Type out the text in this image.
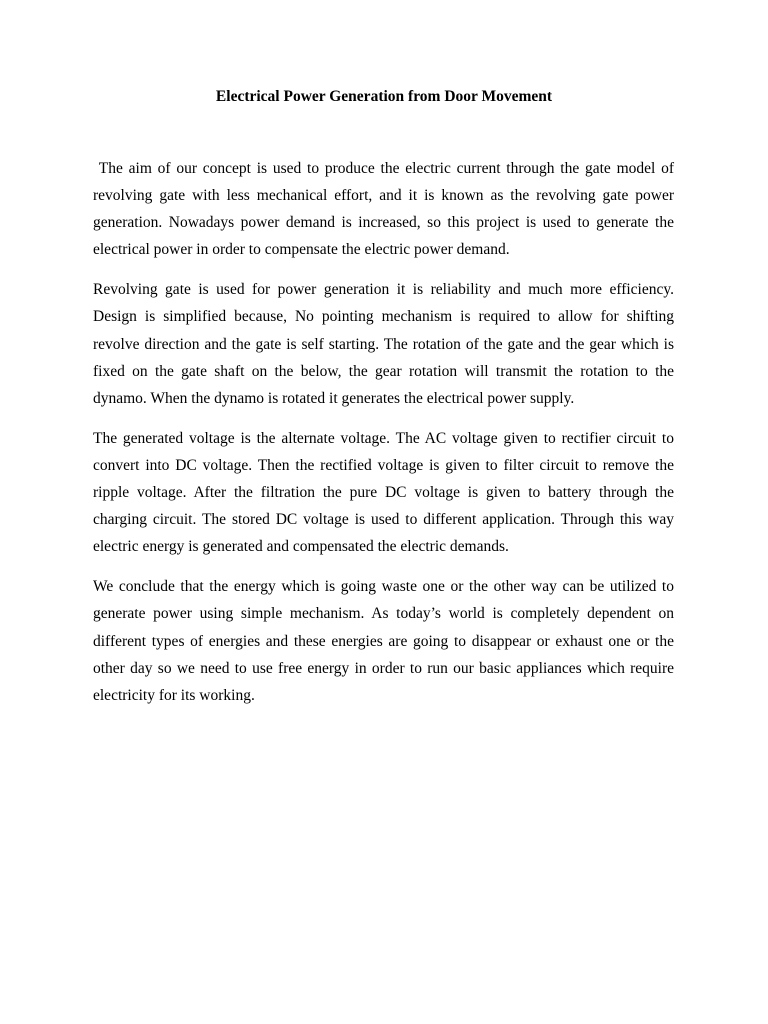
Electrical Power Generation from Door Movement

The aim of our concept is used to produce the electric current through the gate model of revolving gate with less mechanical effort, and it is known as the revolving gate power generation. Nowadays power demand is increased, so this project is used to generate the electrical power in order to compensate the electric power demand.

Revolving gate is used for power generation it is reliability and much more efficiency. Design is simplified because, No pointing mechanism is required to allow for shifting revolve direction and the gate is self starting. The rotation of the gate and the gear which is fixed on the gate shaft on the below, the gear rotation will transmit the rotation to the dynamo. When the dynamo is rotated it generates the electrical power supply.

The generated voltage is the alternate voltage. The AC voltage given to rectifier circuit to convert into DC voltage. Then the rectified voltage is given to filter circuit to remove the ripple voltage. After the filtration the pure DC voltage is given to battery through the charging circuit. The stored DC voltage is used to different application. Through this way electric energy is generated and compensated the electric demands.

We conclude that the energy which is going waste one or the other way can be utilized to generate power using simple mechanism. As today’s world is completely dependent on different types of energies and these energies are going to disappear or exhaust one or the other day so we need to use free energy in order to run our basic appliances which require electricity for its working.
